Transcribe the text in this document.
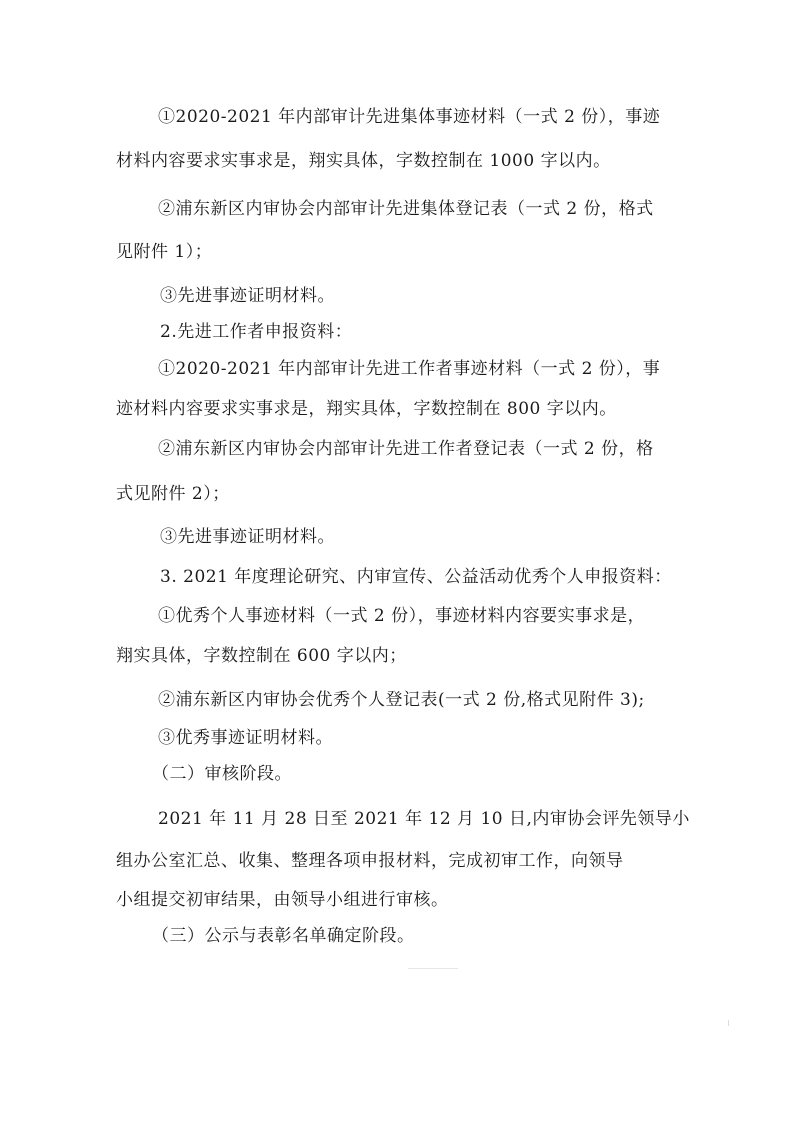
①2020-2021 年内部审计先进集体事迹材料（一式 2 份），事迹
材料内容要求实事求是，翔实具体，字数控制在 1000 字以内。
②浦东新区内审协会内部审计先进集体登记表（一式 2 份，格式
见附件 1）；
③先进事迹证明材料。
2.先进工作者申报资料：
①2020-2021 年内部审计先进工作者事迹材料（一式 2 份），事
迹材料内容要求实事求是，翔实具体，字数控制在 800 字以内。
②浦东新区内审协会内部审计先进工作者登记表（一式 2 份，格
式见附件 2）；
③先进事迹证明材料。
3. 2021 年度理论研究、内审宣传、公益活动优秀个人申报资料：
①优秀个人事迹材料（一式 2 份），事迹材料内容要实事求是，
翔实具体，字数控制在 600 字以内；
②浦东新区内审协会优秀个人登记表(一式 2 份,格式见附件 3);
③优秀事迹证明材料。
（二）审核阶段。
2021 年 11 月 28 日至 2021 年 12 月 10 日,内审协会评先领导小
组办公室汇总、收集、整理各项申报材料，完成初审工作，向领导
小组提交初审结果，由领导小组进行审核。
（三）公示与表彰名单确定阶段。
